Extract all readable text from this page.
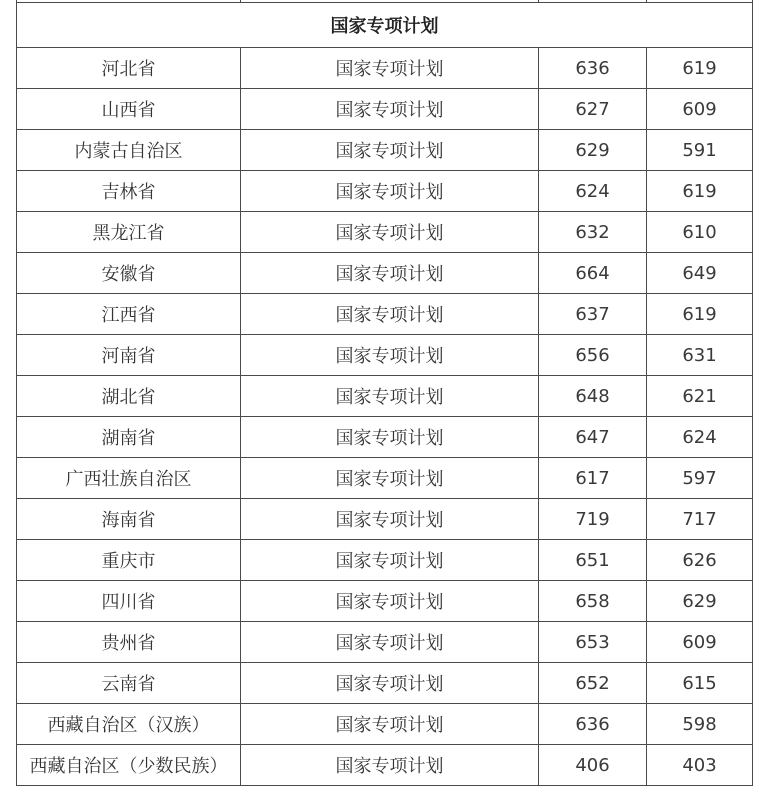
国家专项计划			
河北省	国家专项计划	636	619
山西省	国家专项计划	627	609
内蒙古自治区	国家专项计划	629	591
吉林省	国家专项计划	624	619
黑龙江省	国家专项计划	632	610
安徽省	国家专项计划	664	649
江西省	国家专项计划	637	619
河南省	国家专项计划	656	631
湖北省	国家专项计划	648	621
湖南省	国家专项计划	647	624
广西壮族自治区	国家专项计划	617	597
海南省	国家专项计划	719	717
重庆市	国家专项计划	651	626
四川省	国家专项计划	658	629
贵州省	国家专项计划	653	609
云南省	国家专项计划	652	615
西藏自治区（汉族）	国家专项计划	636	598
西藏自治区（少数民族）	国家专项计划	406	403
